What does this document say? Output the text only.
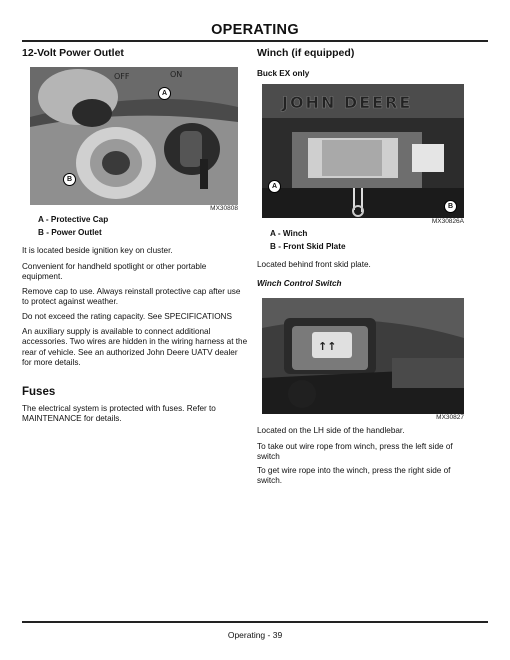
OPERATING
12-Volt Power Outlet
OFF	ON
A
B
MX30808
A - Protective Cap
B - Power Outlet
It is located beside ignition key on cluster.
Convenient for handheld spotlight or other portable equipment.
Remove cap to use. Always reinstall protective cap after use to protect against weather.
Do not exceed the rating capacity. See SPECIFICATIONS
An auxiliary supply is available to connect additional accessories. Two wires are hidden in the wiring harness at the rear of vehicle. See an authorized John Deere UATV dealer for more details.
Fuses
The electrical system is protected with fuses. Refer to MAINTENANCE for details.
Winch (if equipped)
Buck EX only
JOHN DEERE
A
B
MX30826A
A - Winch
B - Front Skid Plate
Located behind front skid plate.
Winch Control Switch
↑↑
MX30827
Located on the LH side of the handlebar.
To take out wire rope from winch, press the left side of switch
To get wire rope into the winch, press the right side of switch.
Operating - 39
